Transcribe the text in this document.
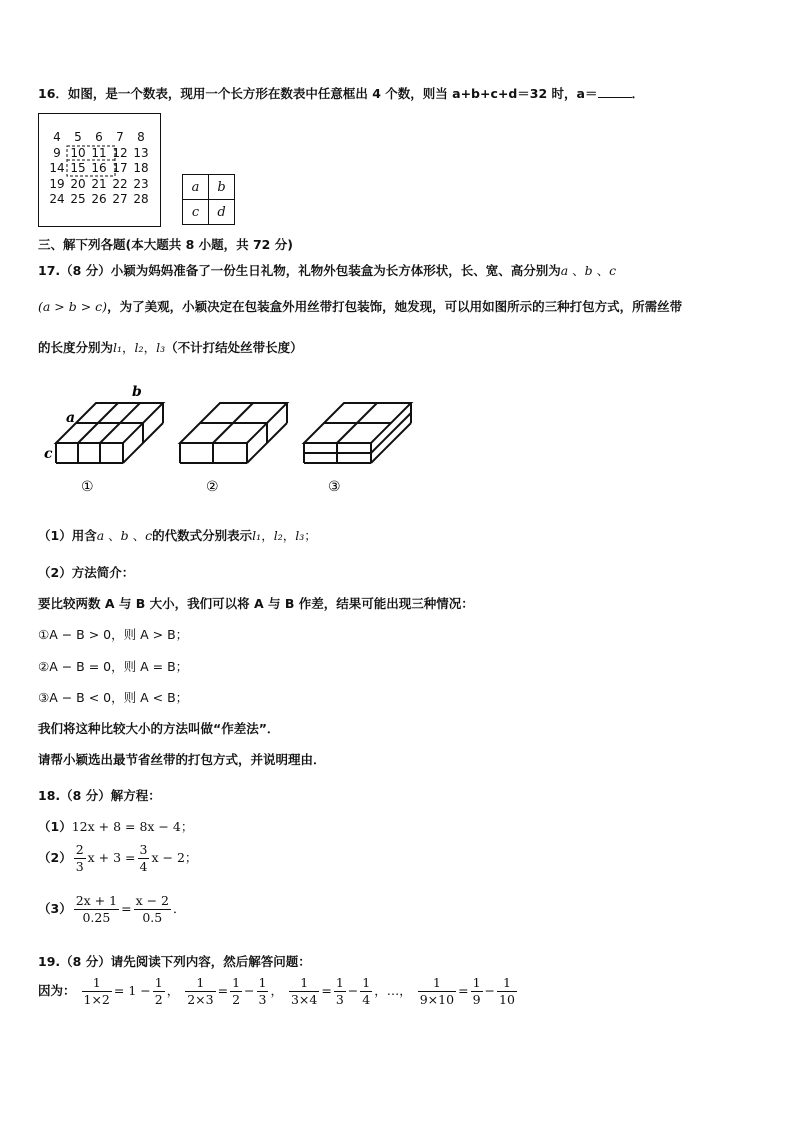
16．如图，是一个数表，现用一个长方形在数表中任意框出 4 个数，则当 a+b+c+d＝32 时，a＝	．
4	5	6	7	8
9 10 11 12 13
14 15 16 17 18
19 20 21 22 23
24 25 26 27 28
a	b
c	d
三、解下列各题(本大题共 8 小题，共 72 分)
17.（8 分）小颖为妈妈准备了一份生日礼物，礼物外包装盒为长方体形状，长、宽、高分别为a 、b 、c
(a > b > c)，为了美观，小颖决定在包装盒外用丝带打包装饰，她发现，可以用如图所示的三种打包方式，所需丝带
的长度分别为l₁，l₂，l₃（不计打结处丝带长度）
b
a
c
①	②	③
（1）用含a 、b 、c的代数式分别表示l₁，l₂，l₃；
（2）方法简介：
要比较两数 A 与 B 大小，我们可以将 A 与 B 作差，结果可能出现三种情况：
①A − B > 0，则 A > B；
②A − B = 0，则 A = B；
③A − B < 0，则 A < B；
我们将这种比较大小的方法叫做“作差法”．
请帮小颖选出最节省丝带的打包方式，并说明理由．
18.（8 分）解方程：
（1）12x + 8 = 8x − 4；
$(2) \frac{2}{3}$ $x + 3 = \frac{3}{4}$ x − 2；
$(3) \frac{2x + 1}{0.25} = \frac{x - 2}{0.5}$ ．
19.（8 分）请先阅读下列内容，然后解答问题：
因为： $\frac{1}{1\times 2} = 1 - \frac{1}{2}$ ， $\frac{1}{2\times 3} = \frac{1}{2} - \frac{1}{3}$ ， $\frac{1}{3\times 4} = \frac{1}{3} - \frac{1}{4}$ ，…， $\frac{1}{9\times 10} = \frac{1}{9} - \frac{1}{10}$
